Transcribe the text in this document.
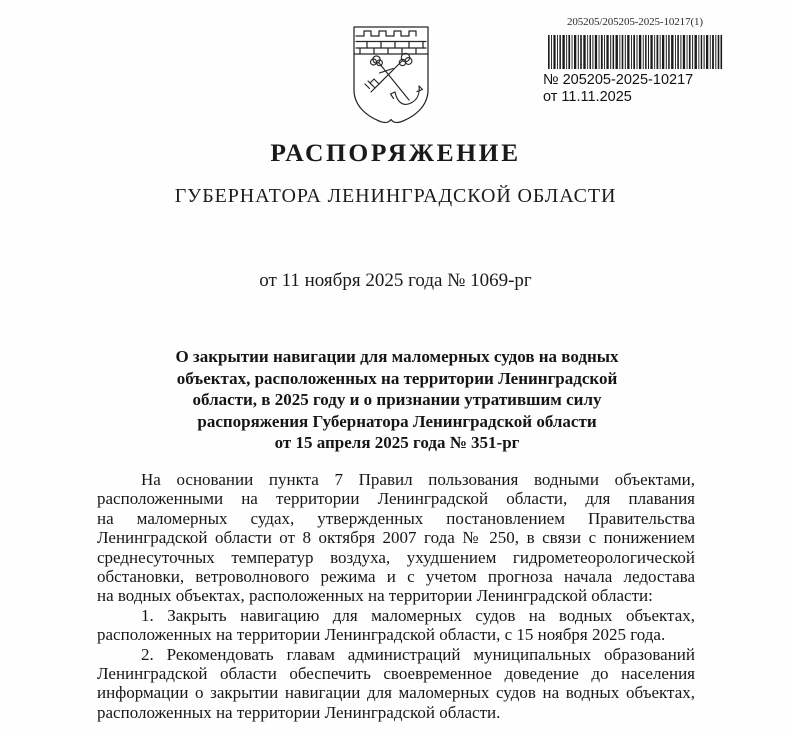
205205/205205-2025-10217(1)
№ 205205-2025-10217
от 11.11.2025
РАСПОРЯЖЕНИЕ
ГУБЕРНАТОРА ЛЕНИНГРАДСКОЙ ОБЛАСТИ
от 11 ноября 2025 года № 1069-рг
О закрытии навигации для маломерных судов на водных
объектах, расположенных на территории Ленинградской
области, в 2025 году и о признании утратившим силу
распоряжения Губернатора Ленинградской области
от 15 апреля 2025 года № 351-рг
На основании пункта 7 Правил пользования водными объектами,
расположенными на территории Ленинградской области, для плавания
на маломерных судах, утвержденных постановлением Правительства
Ленинградской области от 8 октября 2007 года № 250, в связи с понижением
среднесуточных температур воздуха, ухудшением гидрометеорологической
обстановки, ветроволнового режима и с учетом прогноза начала ледостава
на водных объектах, расположенных на территории Ленинградской области:
1. Закрыть навигацию для маломерных судов на водных объектах,
расположенных на территории Ленинградской области, с 15 ноября 2025 года.
2. Рекомендовать главам администраций муниципальных образований
Ленинградской области обеспечить своевременное доведение до населения
информации о закрытии навигации для маломерных судов на водных объектах,
расположенных на территории Ленинградской области.
